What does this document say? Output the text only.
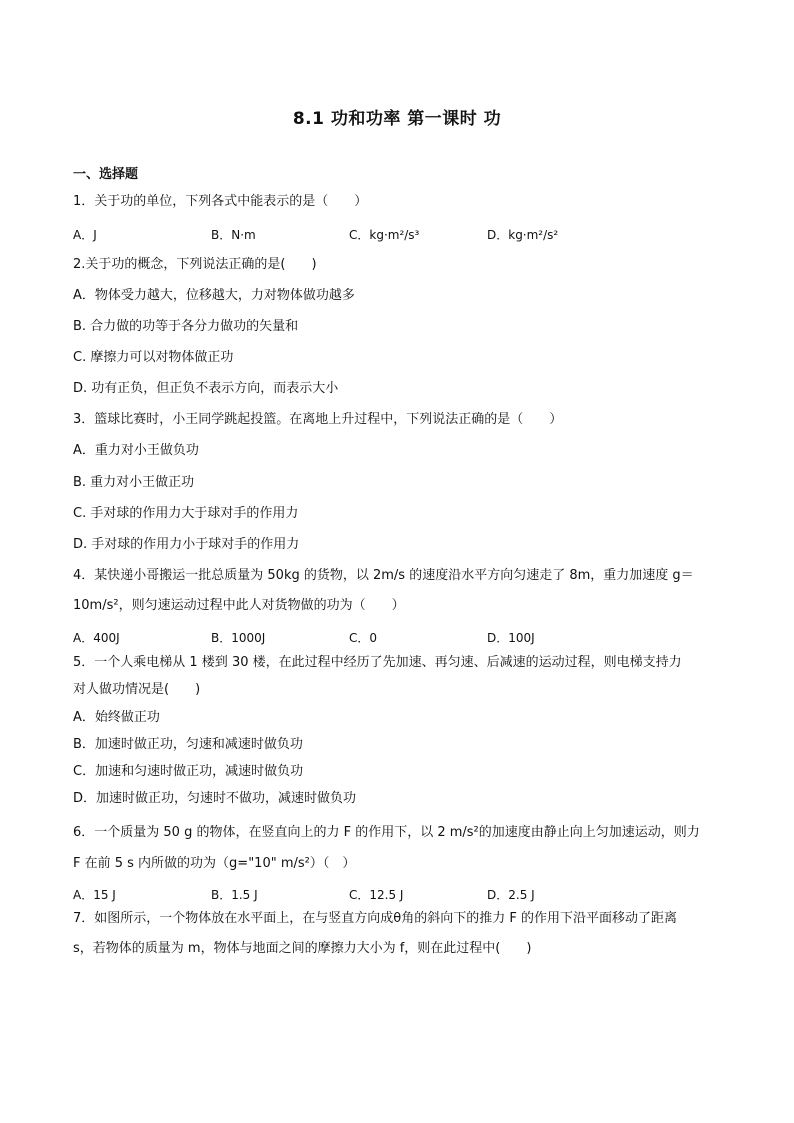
8.1 功和功率 第一课时 功
一、选择题
1．关于功的单位，下列各式中能表示的是（　　）
A．J	B．N·m	C．kg·m²/s³	D．kg·m²/s²
2.关于功的概念，下列说法正确的是(　　)
A．物体受力越大，位移越大，力对物体做功越多
B. 合力做的功等于各分力做功的矢量和
C. 摩擦力可以对物体做正功
D. 功有正负，但正负不表示方向，而表示大小
3．篮球比赛时，小王同学跳起投篮。在离地上升过程中，下列说法正确的是（　　）
A．重力对小王做负功
B. 重力对小王做正功
C. 手对球的作用力大于球对手的作用力
D. 手对球的作用力小于球对手的作用力
4．某快递小哥搬运一批总质量为 50kg 的货物，以 2m/s 的速度沿水平方向匀速走了 8m，重力加速度 g＝
10m/s²，则匀速运动过程中此人对货物做的功为（　　）
A．400J	B．1000J	C．0	D．100J
5．一个人乘电梯从 1 楼到 30 楼，在此过程中经历了先加速、再匀速、后减速的运动过程，则电梯支持力
对人做功情况是(　　)
A．始终做正功
B．加速时做正功，匀速和减速时做负功
C．加速和匀速时做正功，减速时做负功
D．加速时做正功，匀速时不做功，减速时做负功
6．一个质量为 50 g 的物体，在竖直向上的力 F 的作用下，以 2 m/s²的加速度由静止向上匀加速运动，则力
F 在前 5 s 内所做的功为（g="10" m/s²）（　）
A．15 J	B．1.5 J	C．12.5 J	D．2.5 J
7．如图所示，一个物体放在水平面上，在与竖直方向成θ角的斜向下的推力 F 的作用下沿平面移动了距离
s，若物体的质量为 m，物体与地面之间的摩擦力大小为 f，则在此过程中(　　)
